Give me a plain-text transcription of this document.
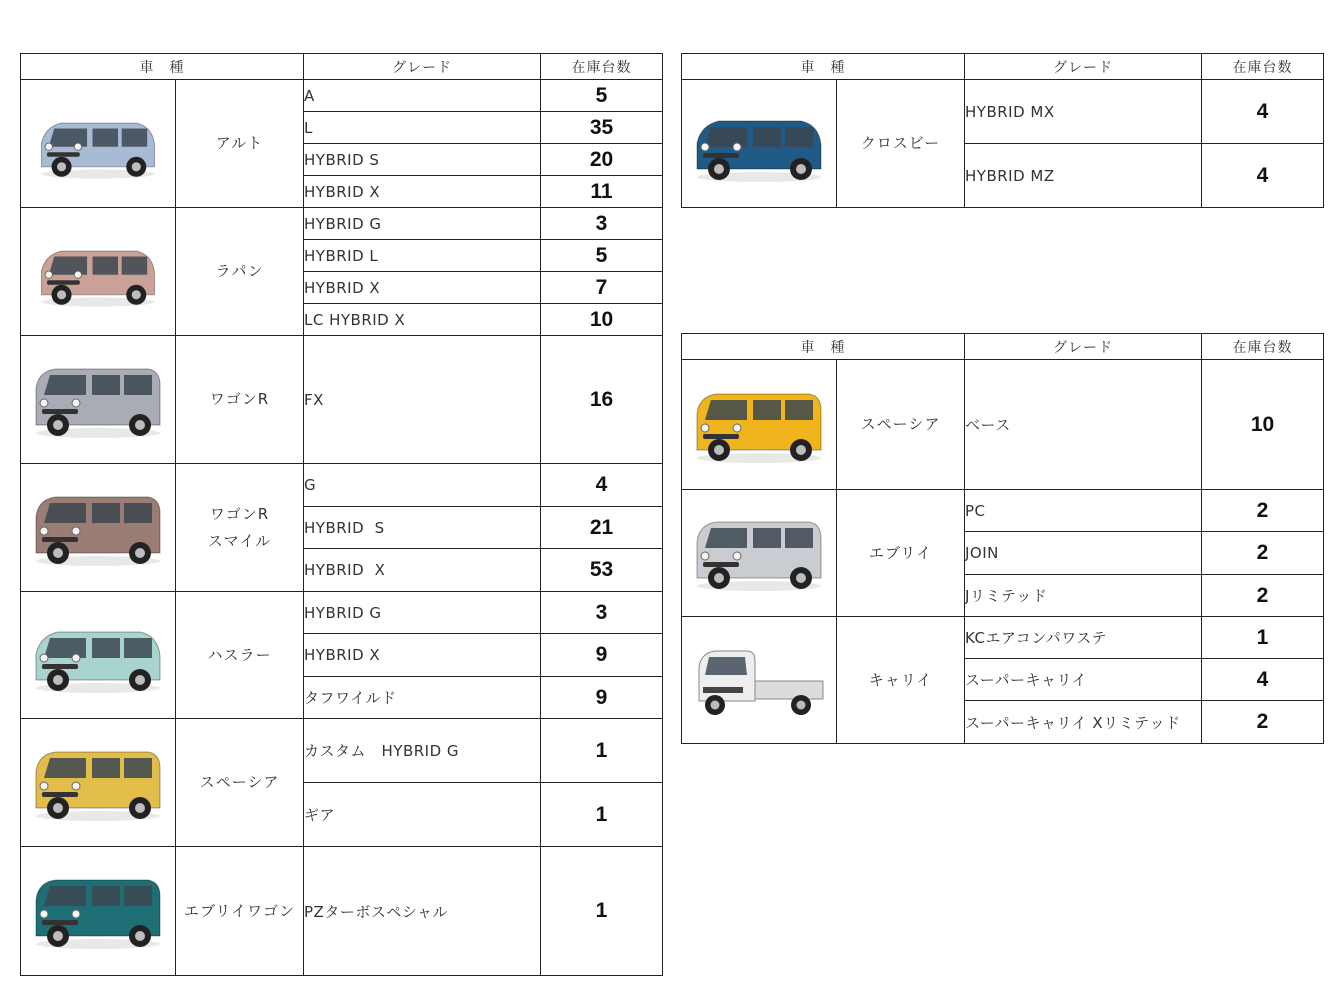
車　種		グレード	在庫台数

	アルト	A	5
		L	35
		HYBRID S	20
		HYBRID X	11

	ラパン	HYBRID G	3
		HYBRID L	5
		HYBRID X	7
		LC HYBRID X	10

	ワゴンR	FX	16

	ワゴンR
スマイル	G	4
		HYBRID  S	21
		HYBRID  X	53

	ハスラー	HYBRID G	3
		HYBRID X	9
		タフワイルド	9

	スペーシア	カスタム　HYBRID G	1
		ギア	1

	エブリイワゴン	PZターボスペシャル	1
車　種		グレード	在庫台数

	クロスビー	HYBRID MX	4
		HYBRID MZ	4
車　種		グレード	在庫台数

	スペーシア	ベース	10

	エブリイ	PC	2
		JOIN	2
		Jリミテッド	2

	キャリイ	KCエアコンパワステ	1
		スーパーキャリイ	4
		スーパーキャリイ Xリミテッド	2
